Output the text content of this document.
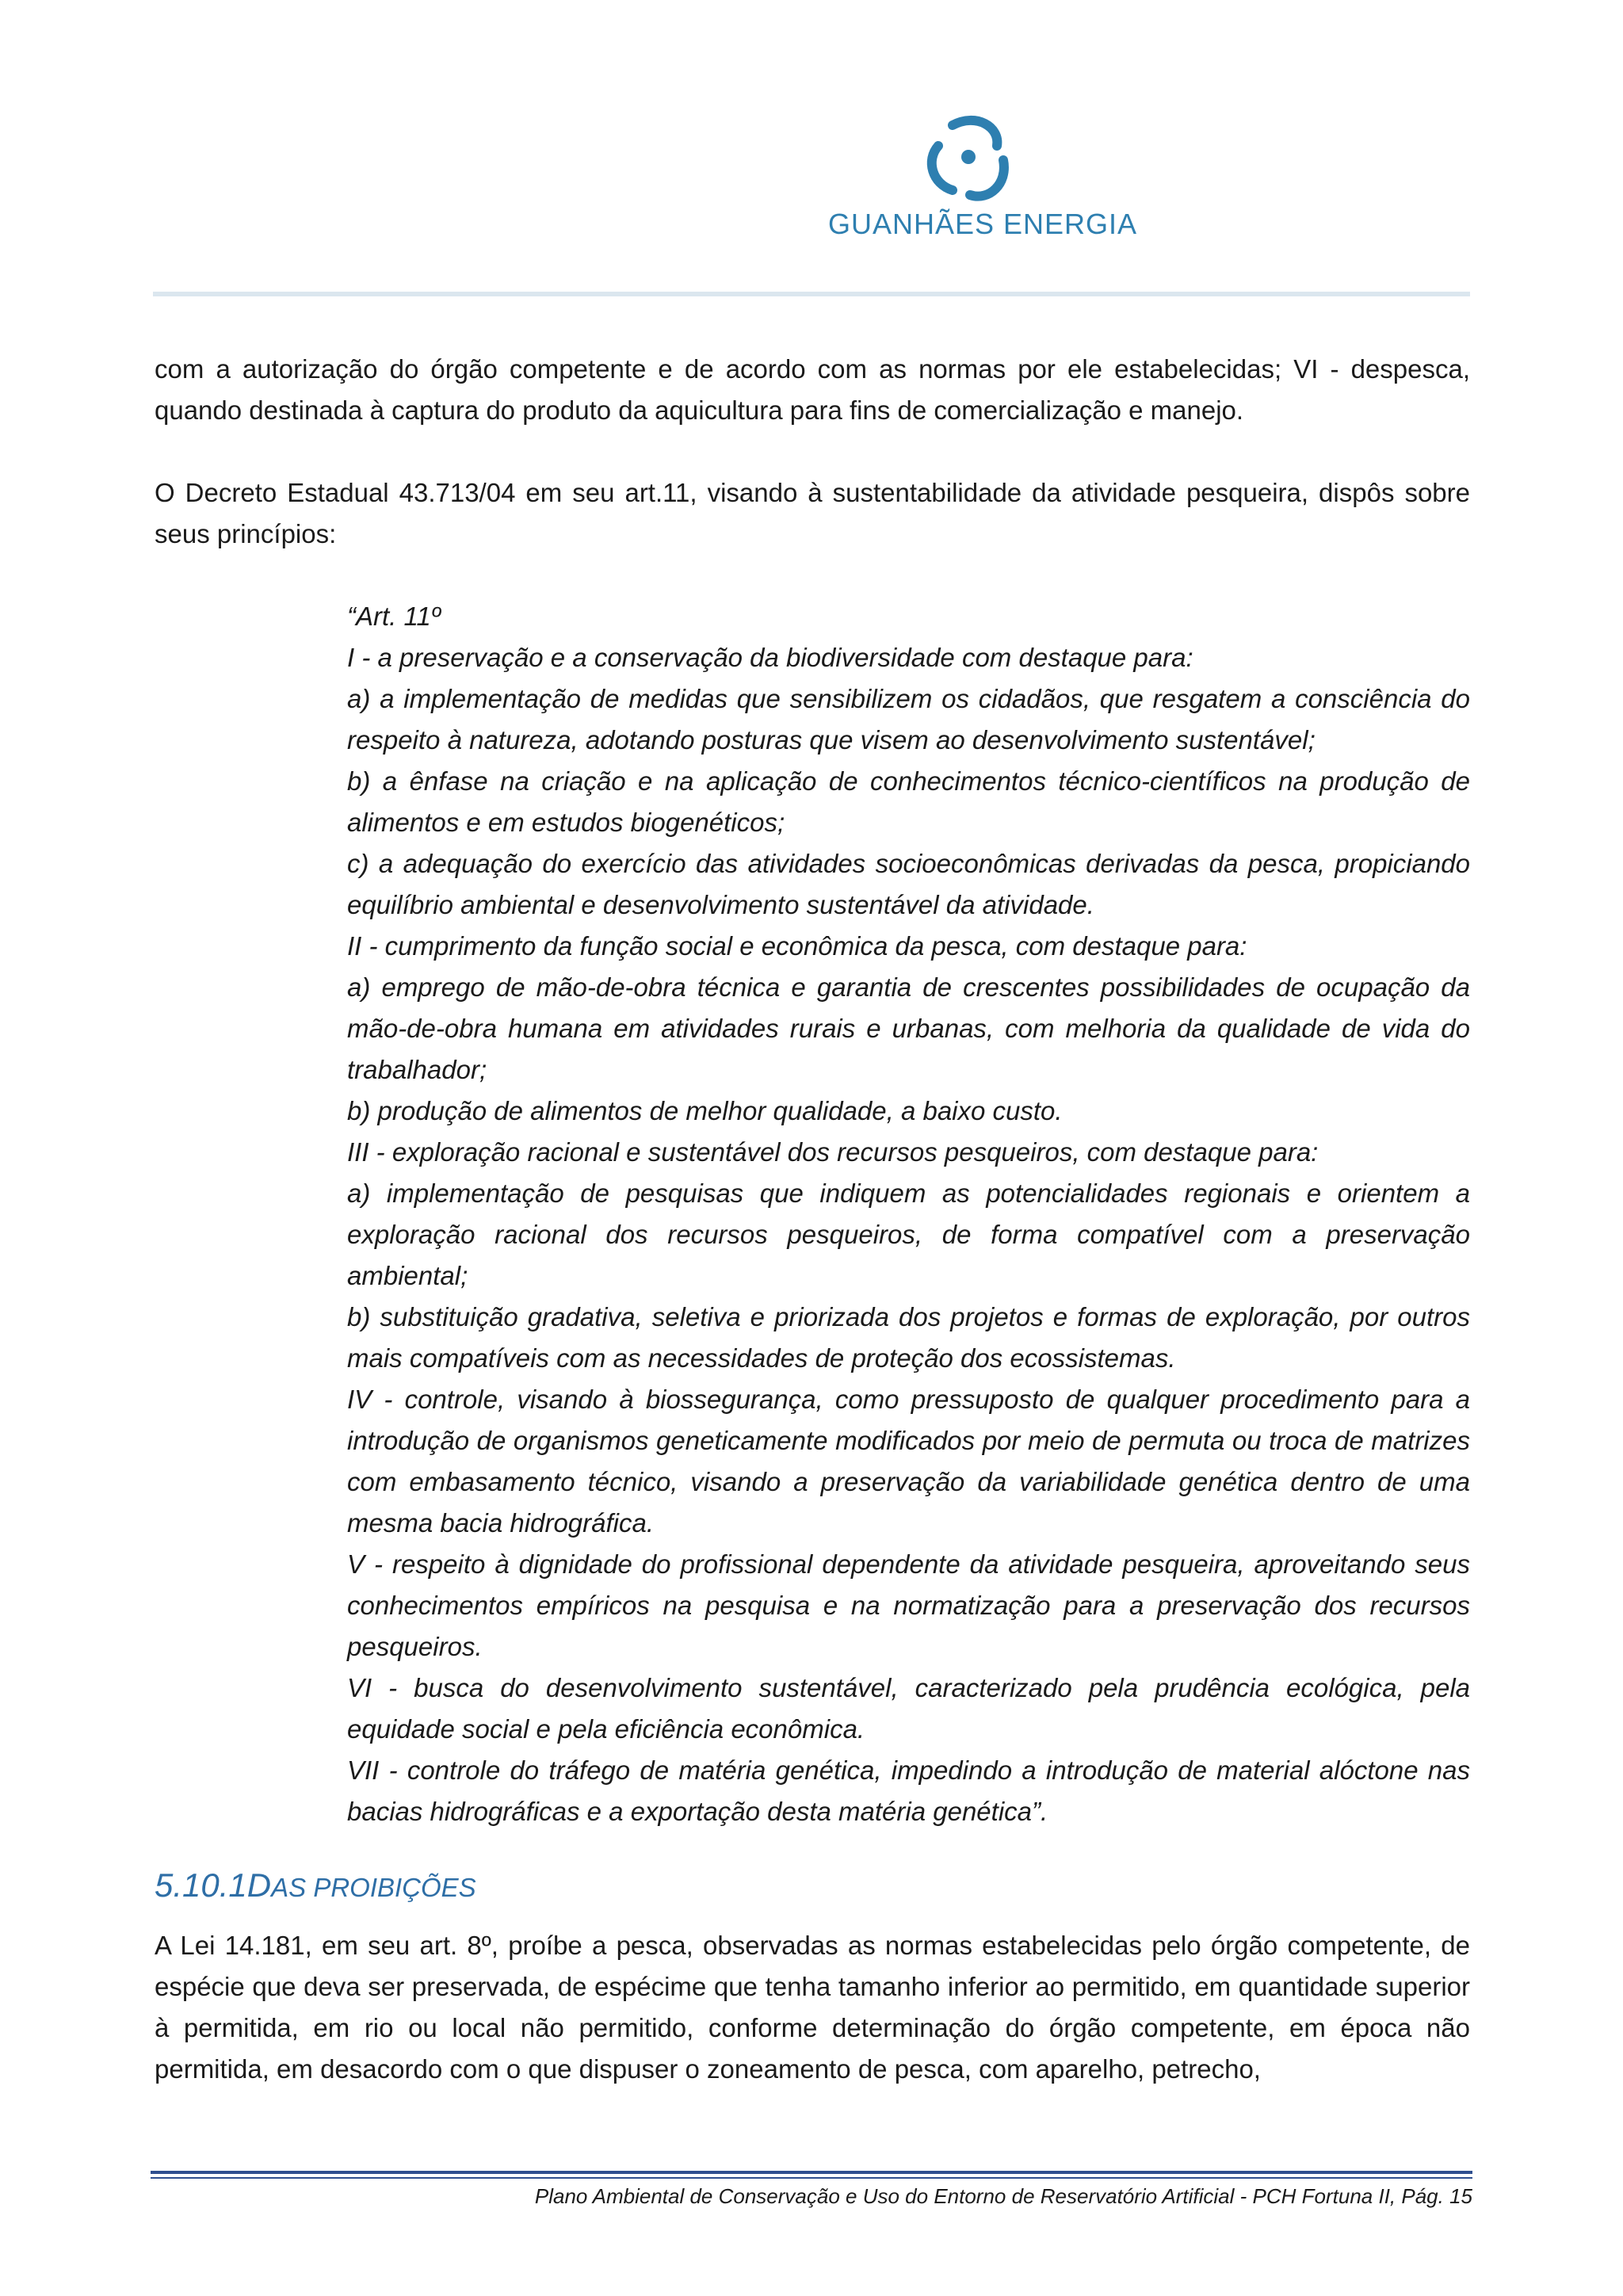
GUANHÃES ENERGIA

com a autorização do órgão competente e de acordo com as normas por ele estabelecidas; VI - despesca, quando destinada à captura do produto da aquicultura para fins de comercialização e manejo.

O Decreto Estadual 43.713/04 em seu art.11, visando à sustentabilidade da atividade pesqueira, dispôs sobre seus princípios:

“Art. 11º

I - a preservação e a conservação da biodiversidade com destaque para:

a) a implementação de medidas que sensibilizem os cidadãos, que resgatem a consciência do respeito à natureza, adotando posturas que visem ao desenvolvimento sustentável;

b) a ênfase na criação e na aplicação de conhecimentos técnico-científicos na produção de alimentos e em estudos biogenéticos;

c) a adequação do exercício das atividades socioeconômicas derivadas da pesca, propiciando equilíbrio ambiental e desenvolvimento sustentável da atividade.

II - cumprimento da função social e econômica da pesca, com destaque para:

a) emprego de mão-de-obra técnica e garantia de crescentes possibilidades de ocupação da mão-de-obra humana em atividades rurais e urbanas, com melhoria da qualidade de vida do trabalhador;

b) produção de alimentos de melhor qualidade, a baixo custo.

III - exploração racional e sustentável dos recursos pesqueiros, com destaque para:

a) implementação de pesquisas que indiquem as potencialidades regionais e orientem a exploração racional dos recursos pesqueiros, de forma compatível com a preservação ambiental;

b) substituição gradativa, seletiva e priorizada dos projetos e formas de exploração, por outros mais compatíveis com as necessidades de proteção dos ecossistemas.

IV - controle, visando à biossegurança, como pressuposto de qualquer procedimento para a introdução de organismos geneticamente modificados por meio de permuta ou troca de matrizes com embasamento técnico, visando a preservação da variabilidade genética dentro de uma mesma bacia hidrográfica.

V - respeito à dignidade do profissional dependente da atividade pesqueira, aproveitando seus conhecimentos empíricos na pesquisa e na normatização para a preservação dos recursos pesqueiros.

VI - busca do desenvolvimento sustentável, caracterizado pela prudência ecológica, pela equidade social e pela eficiência econômica.

VII - controle do tráfego de matéria genética, impedindo a introdução de material alóctone nas bacias hidrográficas e a exportação desta matéria genética”.

5.10.1DAS PROIBIÇÕES

A Lei 14.181, em seu art. 8º, proíbe a pesca, observadas as normas estabelecidas pelo órgão competente, de espécie que deva ser preservada, de espécime que tenha tamanho inferior ao permitido, em quantidade superior à permitida, em rio ou local não permitido, conforme determinação do órgão competente, em época não permitida, em desacordo com o que dispuser o zoneamento de pesca, com aparelho, petrecho,

Plano Ambiental de Conservação e Uso do Entorno de Reservatório Artificial - PCH Fortuna II, Pág. 15
